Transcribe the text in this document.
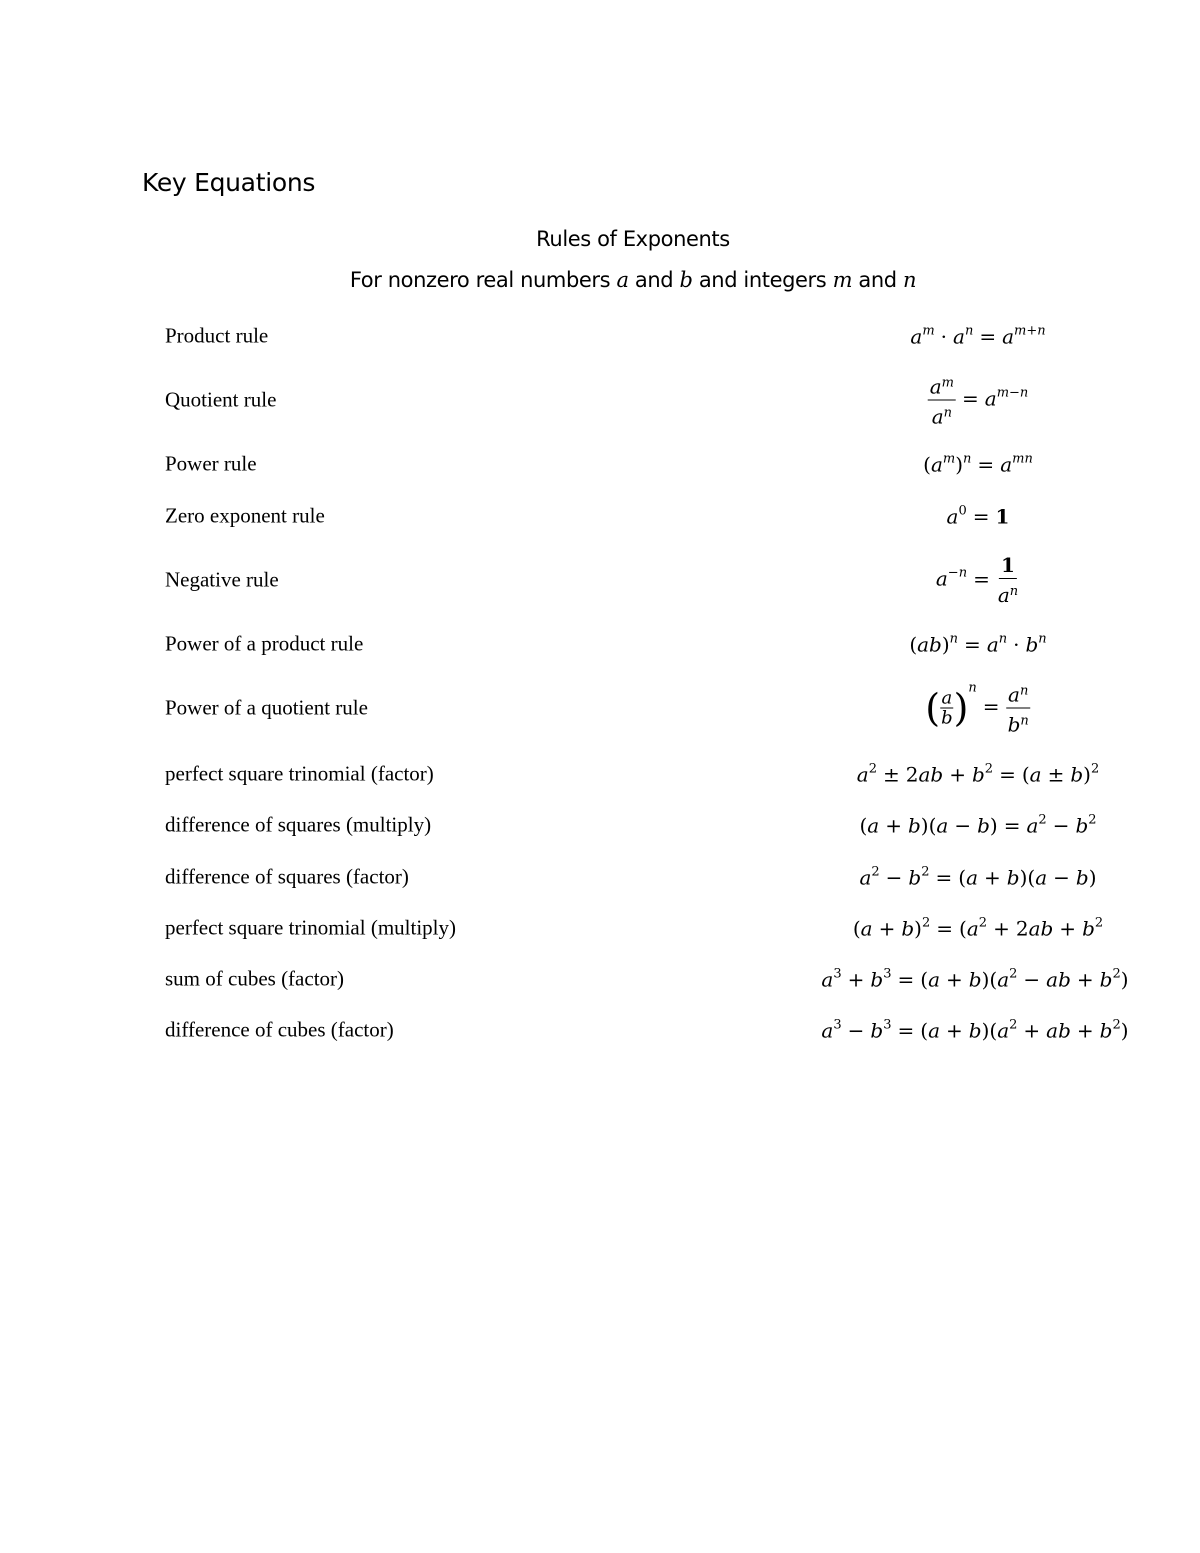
Key Equations
Rules of Exponents
For nonzero real numbers a and b and integers m and n
Product rule	$a^m \cdot a^n = a^{m+n}$
Quotient rule	$\frac{a^m}{a^n} = a^{m-n}$
Power rule	$(a^m)^n = a^{mn}$
Zero exponent rule	$a^0 = 1$
Negative rule	$a^{-n} = \frac{1}{a^n}$
Power of a product rule	$(ab)^n = a^n \cdot b^n$
Power of a quotient rule	( $\frac{a}{b} )^n= \frac{a^n}{b^n}$
perfect square trinomial (factor)	$a^2 \pm 2ab + b^2 = (a \pm b)^2$
difference of squares (multiply)	$(a + b)(a - b) = a^2 - b^2$
difference of squares (factor)	$a^2 - b^2 = (a + b)(a - b)$
perfect square trinomial (multiply)	$(a + b)^2 = (a^2 + 2ab + b^2$
sum of cubes (factor)	$a^3 + b^3 = (a + b)(a^2$ − ab + $b^2$)
difference of cubes (factor)	$a^3 - b^3 = (a + b)(a^2$ + ab + $b^2$)
